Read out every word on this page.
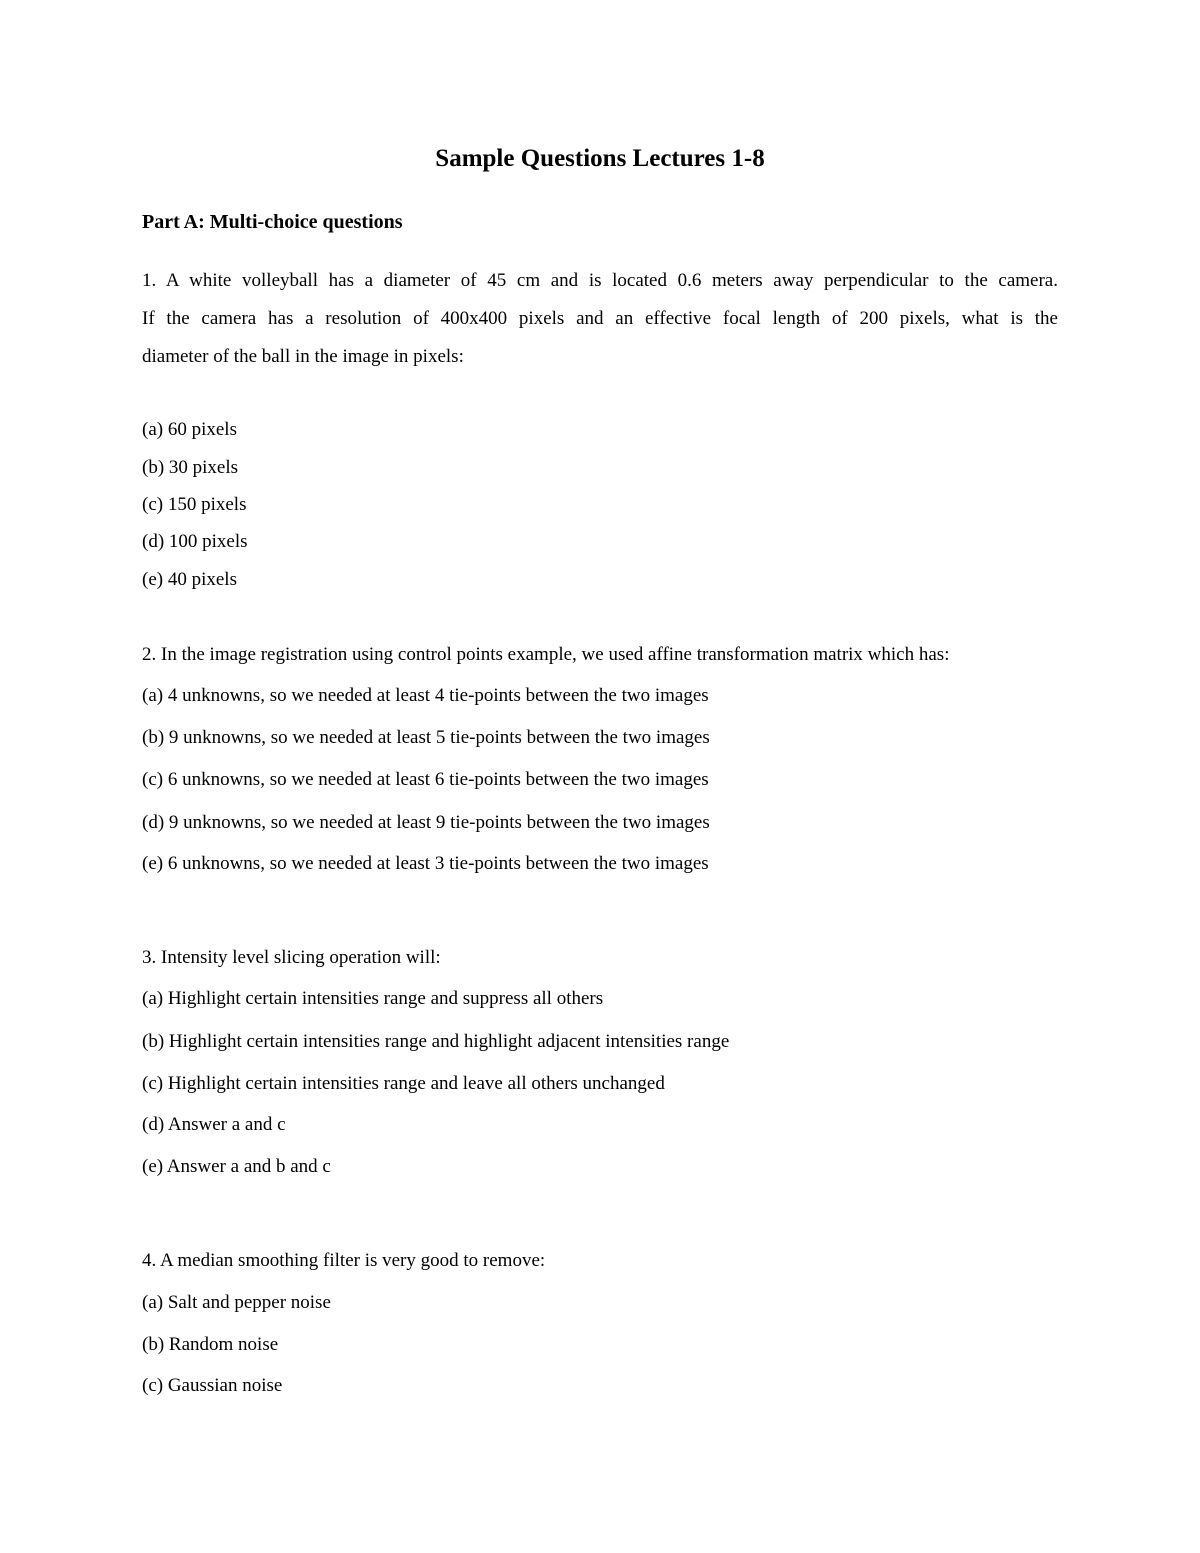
Sample Questions Lectures 1-8
Part A: Multi-choice questions
1. A white volleyball has a diameter of 45 cm and is located 0.6 meters away perpendicular to the camera.
If the camera has a resolution of 400x400 pixels and an effective focal length of 200 pixels, what is the
diameter of the ball in the image in pixels:
(a) 60 pixels
(b) 30 pixels
(c) 150 pixels
(d) 100 pixels
(e) 40 pixels
2. In the image registration using control points example, we used affine transformation matrix which has:
(a) 4 unknowns, so we needed at least 4 tie-points between the two images
(b) 9 unknowns, so we needed at least 5 tie-points between the two images
(c) 6 unknowns, so we needed at least 6 tie-points between the two images
(d) 9 unknowns, so we needed at least 9 tie-points between the two images
(e) 6 unknowns, so we needed at least 3 tie-points between the two images
3. Intensity level slicing operation will:
(a) Highlight certain intensities range and suppress all others
(b) Highlight certain intensities range and highlight adjacent intensities range
(c) Highlight certain intensities range and leave all others unchanged
(d) Answer a and c
(e) Answer a and b and c
4. A median smoothing filter is very good to remove:
(a) Salt and pepper noise
(b) Random noise
(c) Gaussian noise
